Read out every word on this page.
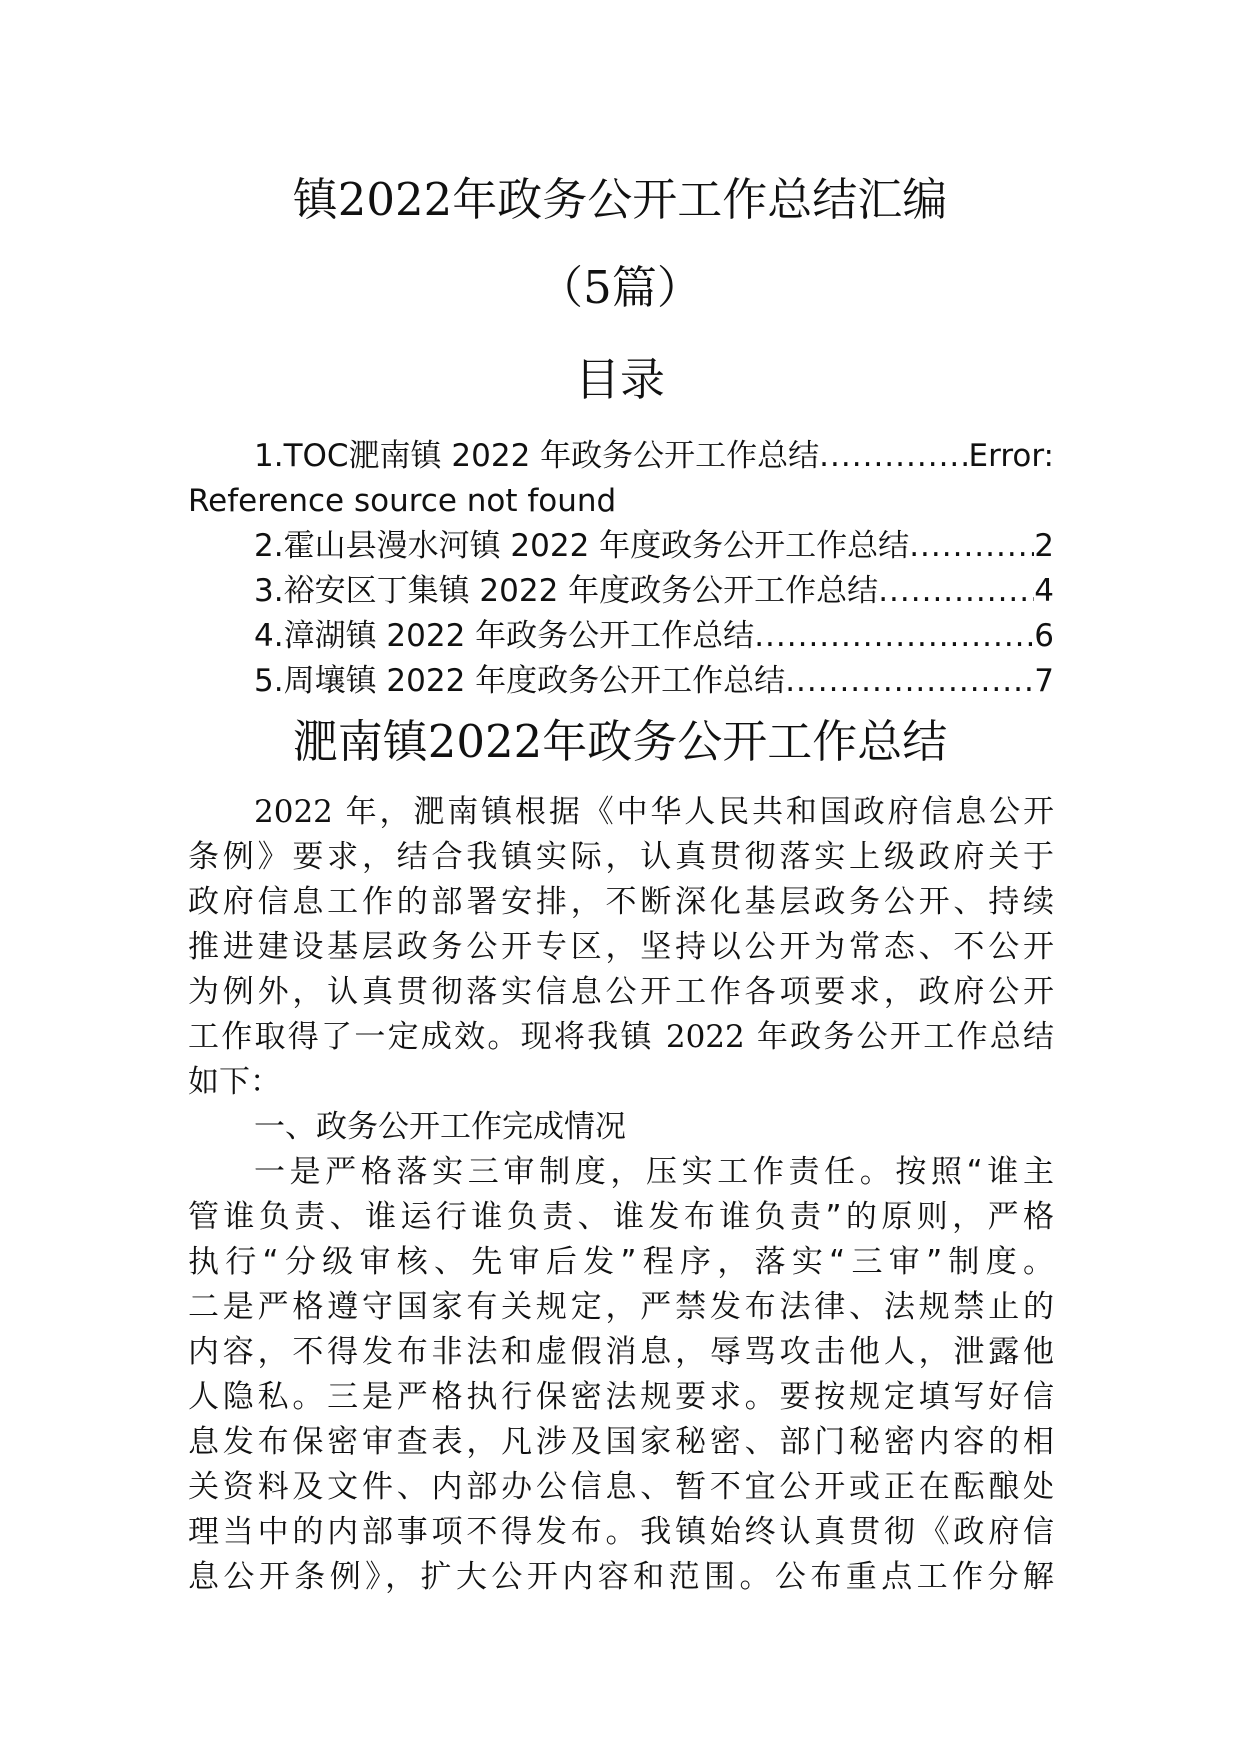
镇2022年政务公开工作总结汇编
（5篇）
目录
1.TOC淝南镇 2022 年政务公开工作总结 .....	Error:
Reference source not found
2.霍山县漫水河镇 2022 年度政务公开工作总结 .....	2
3.裕安区丁集镇 2022 年度政务公开工作总结 .....	4
4.漳湖镇 2022 年政务公开工作总结 .....	6
5.周壤镇 2022 年度政务公开工作总结 .....	7
淝南镇2022年政务公开工作总结
2022 年，淝南镇根据《中华人民共和国政府信息公开
条例》要求，结合我镇实际，认真贯彻落实上级政府关于
政府信息工作的部署安排，不断深化基层政务公开、持续
推进建设基层政务公开专区，坚持以公开为常态、不公开
为例外，认真贯彻落实信息公开工作各项要求，政府公开
工作取得了一定成效。现将我镇 2022 年政务公开工作总结
如下：
一、政务公开工作完成情况
一是严格落实三审制度，压实工作责任。按照“谁主
管谁负责、谁运行谁负责、谁发布谁负责”的原则，严格
执行“分级审核、先审后发”程序，落实“三审”制度。
二是严格遵守国家有关规定，严禁发布法律、法规禁止的
内容，不得发布非法和虚假消息，辱骂攻击他人，泄露他
人隐私。三是严格执行保密法规要求。要按规定填写好信
息发布保密审查表，凡涉及国家秘密、部门秘密内容的相
关资料及文件、内部办公信息、暂不宜公开或正在酝酿处
理当中的内部事项不得发布。我镇始终认真贯彻《政府信
息公开条例》，扩大公开内容和范围。公布重点工作分解
